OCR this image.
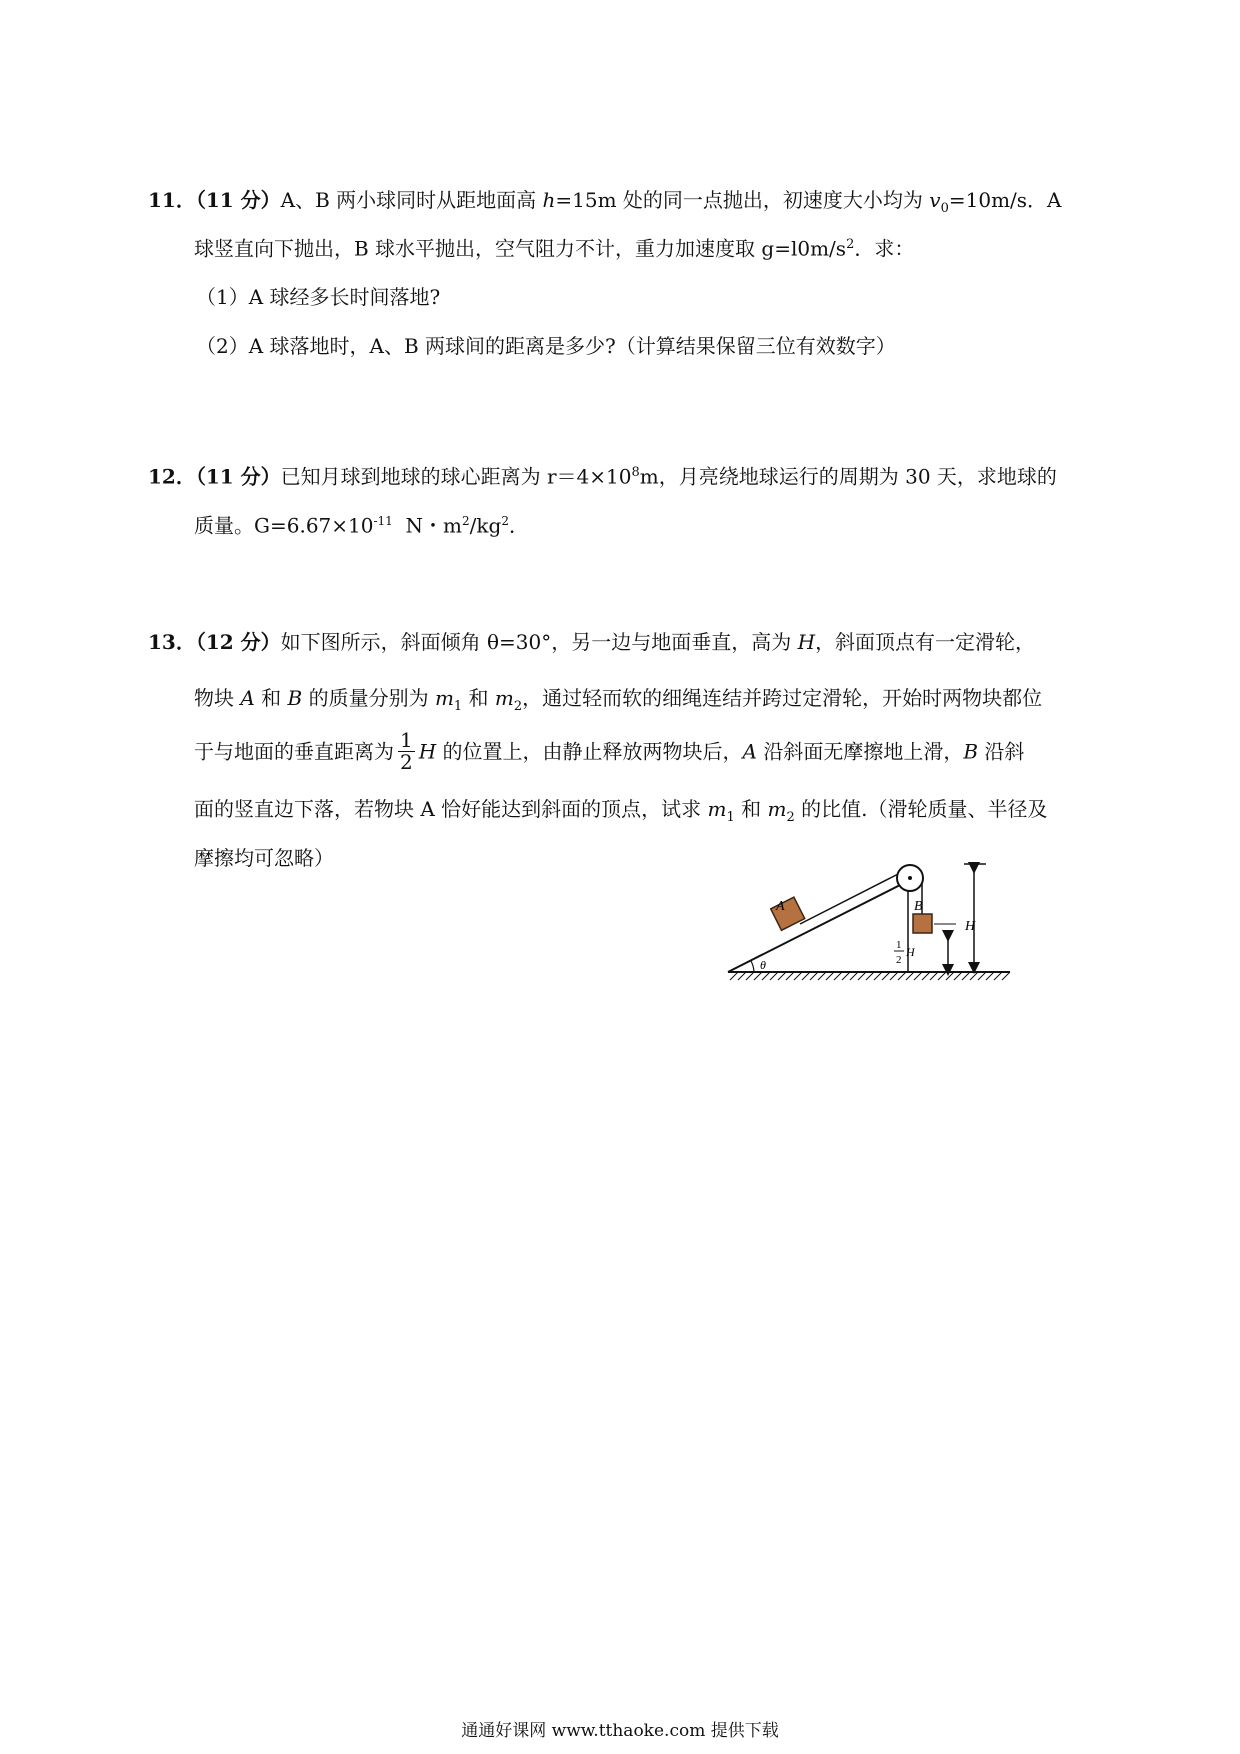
11．（11 分）A、B 两小球同时从距地面高 h=15m 处的同一点抛出，初速度大小均为 $v_0=10m/s$．A
球竖直向下抛出，B 球水平抛出，空气阻力不计，重力加速度取 $g=l0m/s^2$．求：
（1）A 球经多长时间落地?
（2）A 球落地时，A、B 两球间的距离是多少?（计算结果保留三位有效数字）
12．（11 分）已知月球到地球的球心距离为 $r=4\times 10^8m$，月亮绕地球运行的周期为 30 天，求地球的
质量。$G=6.67\times 10^{-11}$  N・$m^2/kg^2$．
13．（12 分）如下图所示，斜面倾角 θ=30°，另一边与地面垂直，高为 H，斜面顶点有一定滑轮，
物块 A 和 B 的质量分别为 $m_1$ 和 $m_2$，通过轻而软的细绳连结并跨过定滑轮，开始时两物块都位
于与地面的垂直距离为 $\frac{1}{2}$ H 的位置上，由静止释放两物块后，A 沿斜面无摩擦地上滑，B 沿斜
面的竖直边下落，若物块 A 恰好能达到斜面的顶点，试求 $m_1$ 和 $m_2$ 的比值.（滑轮质量、半径及
摩擦均可忽略）
θ
A	B
1
2
H
H
通通好课网 www.tthaoke.com 提供下载
